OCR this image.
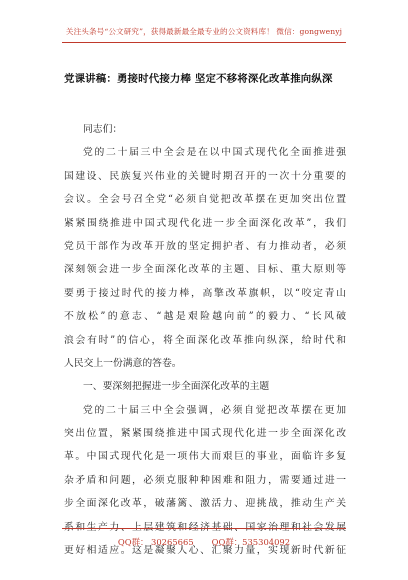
关注头条号“公文研究”，获得最新最全最专业的公文资料库！ 微信：gongwenyj
党课讲稿：勇接时代接力棒 坚定不移将深化改革推向纵深
同志们：
党的二十届三中全会是在以中国式现代化全面推进强
国建设、民族复兴伟业的关键时期召开的一次十分重要的
会议。全会号召全党“必须自觉把改革摆在更加突出位置
紧紧围绕推进中国式现代化进一步全面深化改革”，我们
党员干部作为改革开放的坚定拥护者、有力推动者，必须
深刻领会进一步全面深化改革的主题、目标、重大原则等
要勇于接过时代的接力棒，高擎改革旗帜，以“咬定青山
不放松”的意志、“越是艰险越向前”的毅力、“长风破
浪会有时”的信心，将全面深化改革推向纵深，给时代和
人民交上一份满意的答卷。
一、要深刻把握进一步全面深化改革的主题
党的二十届三中全会强调，必须自觉把改革摆在更加
突出位置，紧紧围绕推进中国式现代化进一步全面深化改
革。中国式现代化是一项伟大而艰巨的事业，面临许多复
杂矛盾和问题，必须克服种种困难和阻力，需要通过进一
步全面深化改革，破藩篱、激活力、迎挑战，推动生产关
系和生产力、上层建筑和经济基础、国家治理和社会发展
更好相适应。这是凝聚人心、汇聚力量，实现新时代新征
QQ群： 30265665 QQ群：535304092
